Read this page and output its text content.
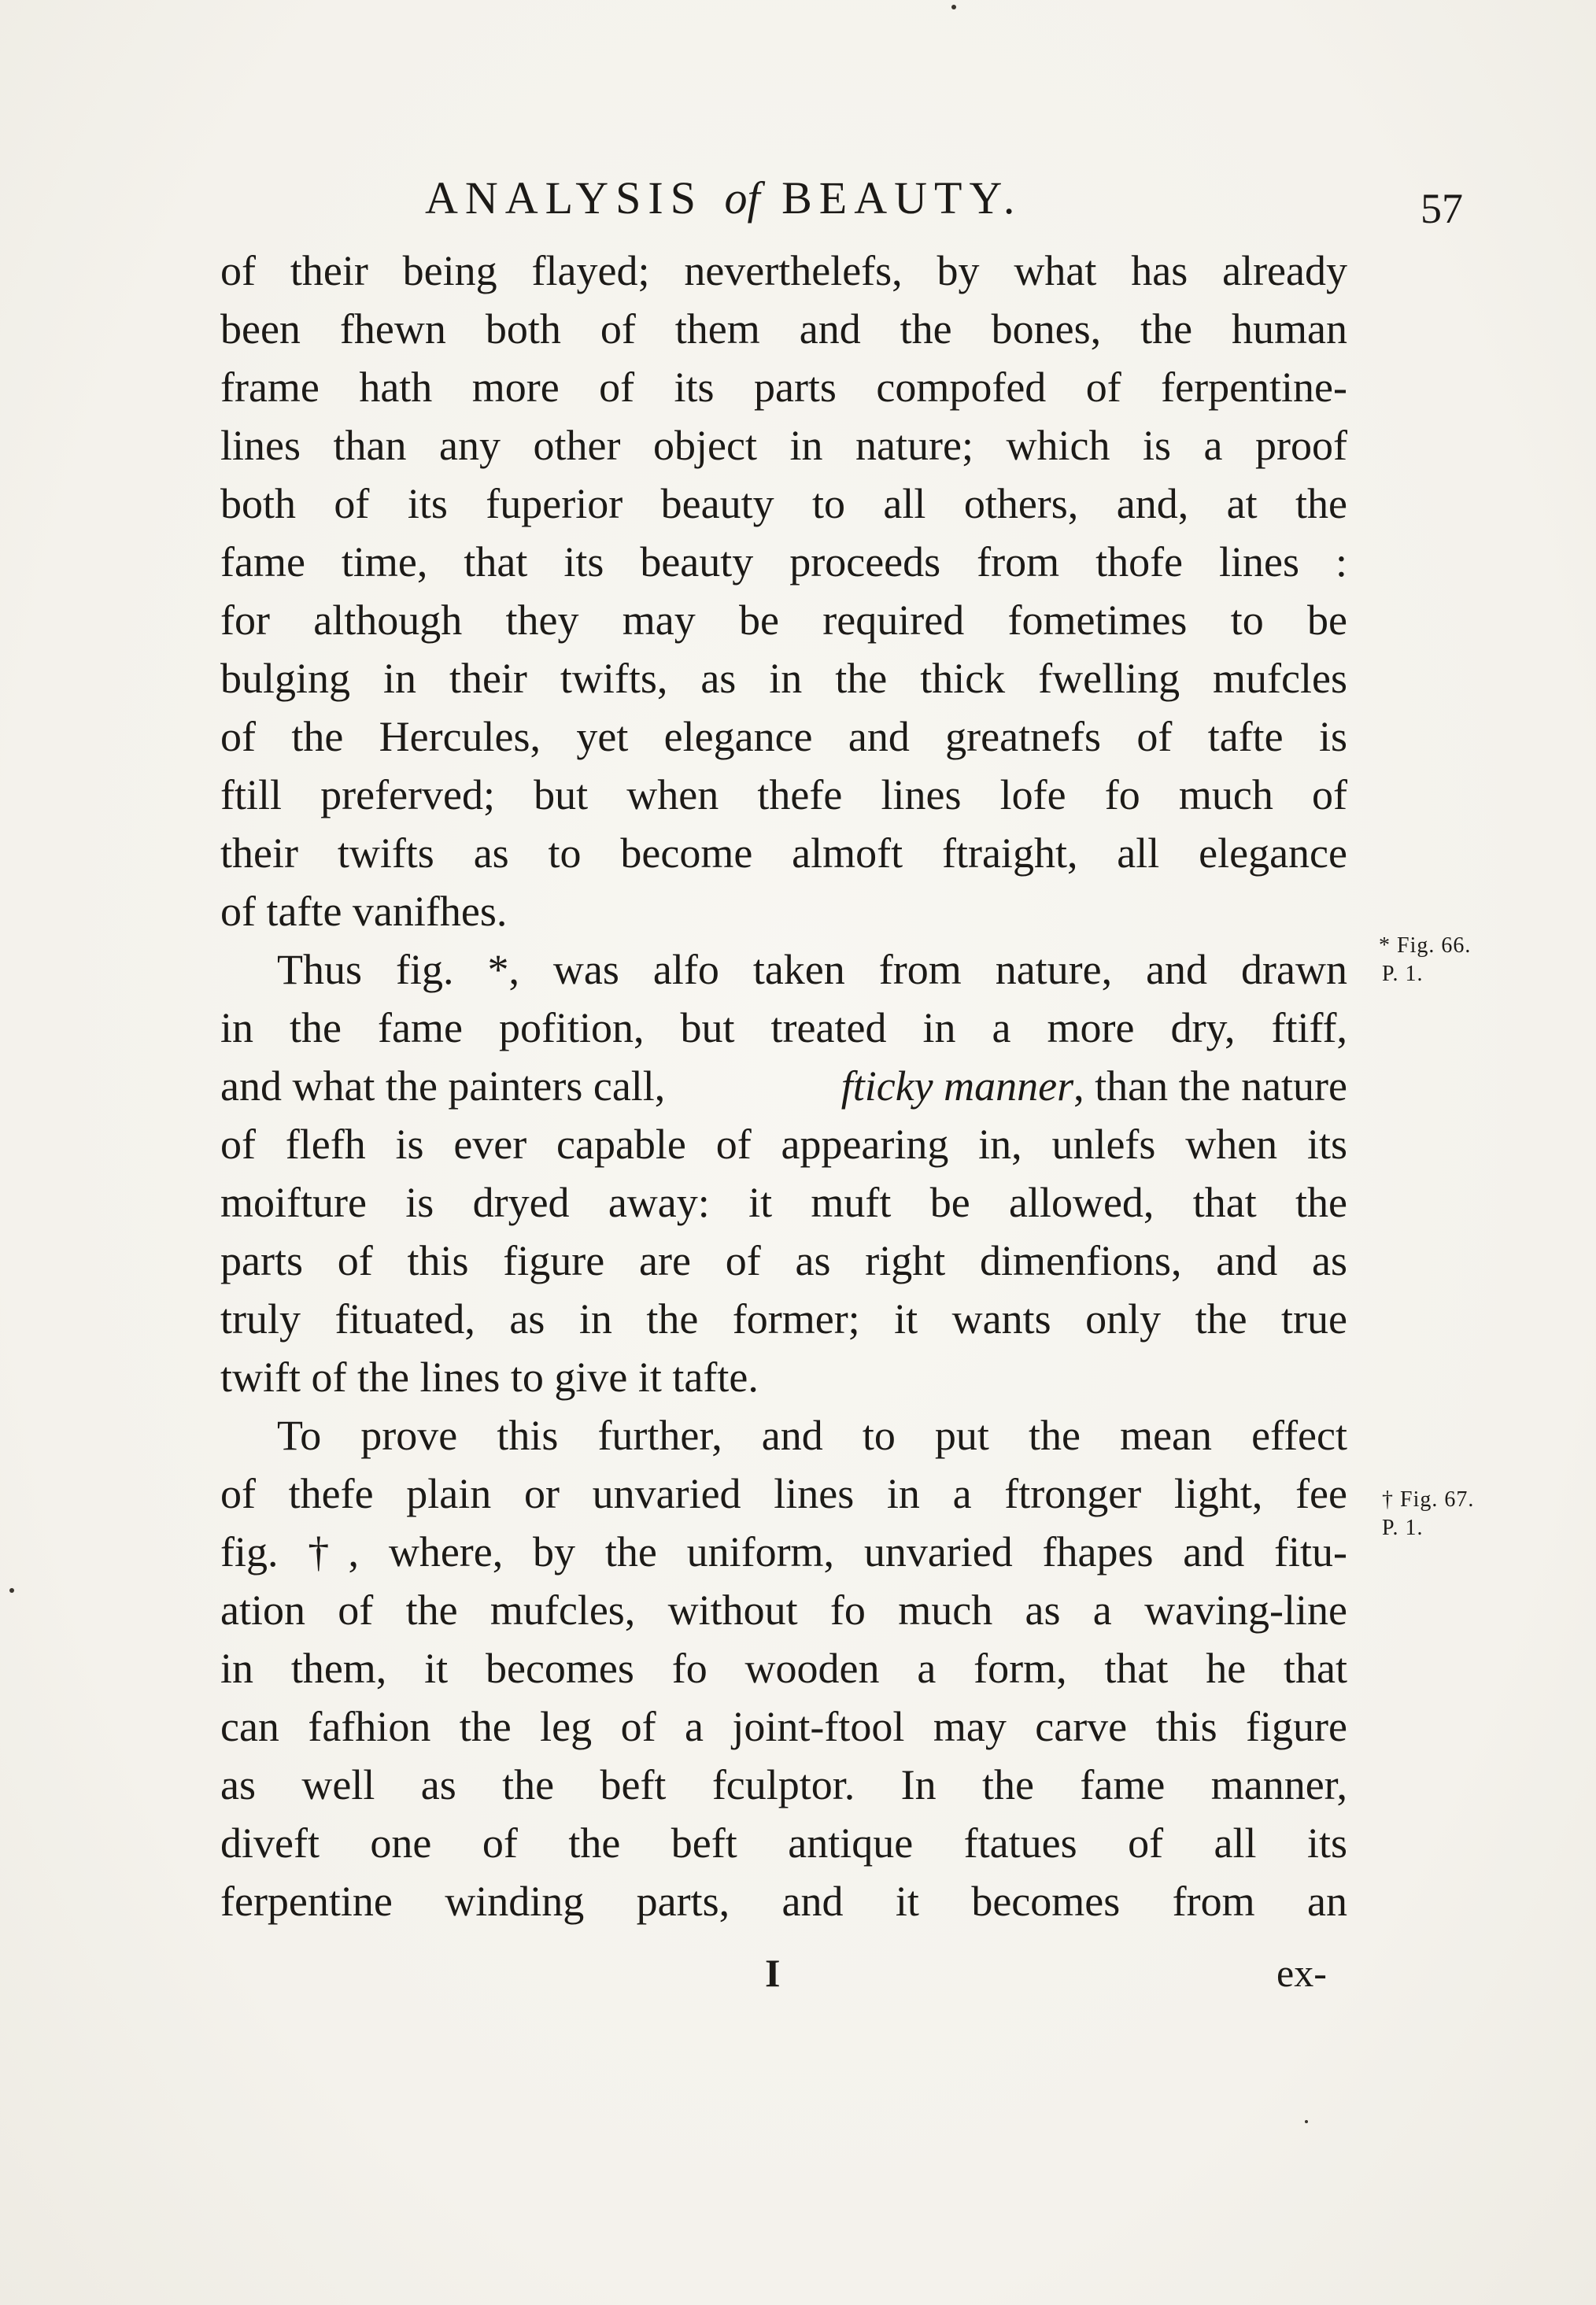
ANALYSIS of BEAUTY.	57
of their being flayed; neverthelefs, by what has already
been fhewn both of them and the bones, the human
frame hath more of its parts compofed of ferpentine-
lines than any other object in nature; which is a proof
both of its fuperior beauty to all others, and, at the
fame time, that its beauty proceeds from thofe lines :
for although they may be required fometimes to be
bulging in their twifts, as in the thick fwelling mufcles
of the Hercules, yet elegance and greatnefs of tafte is
ftill preferved; but when thefe lines lofe fo much of
their twifts as to become almoft ftraight, all elegance
of tafte vanifhes.
Thus fig. *, was alfo taken from nature, and drawn
in the fame pofition, but treated in a more dry, ftiff,
and what the painters call,	fticky manner, than the nature
of flefh is ever capable of appearing in, unlefs when its
moifture is dryed away: it muft be allowed, that the
parts of this figure are of as right dimenfions, and as
truly fituated, as in the former; it wants only the true
twift of the lines to give it tafte.
To prove this further, and to put the mean effect
of thefe plain or unvaried lines in a ftronger light, fee
fig. †, where, by the uniform, unvaried fhapes and fitu-
ation of the mufcles, without fo much as a waving-line
in them, it becomes fo wooden a form, that he that
can fafhion the leg of a joint-ftool may carve this figure
as well as the beft fculptor. In the fame manner,
diveft one of the beft antique ftatues of all its
ferpentine winding parts, and it becomes from an
* Fig. 66.
P. 1.
† Fig. 67.
P. 1.
I	ex-
